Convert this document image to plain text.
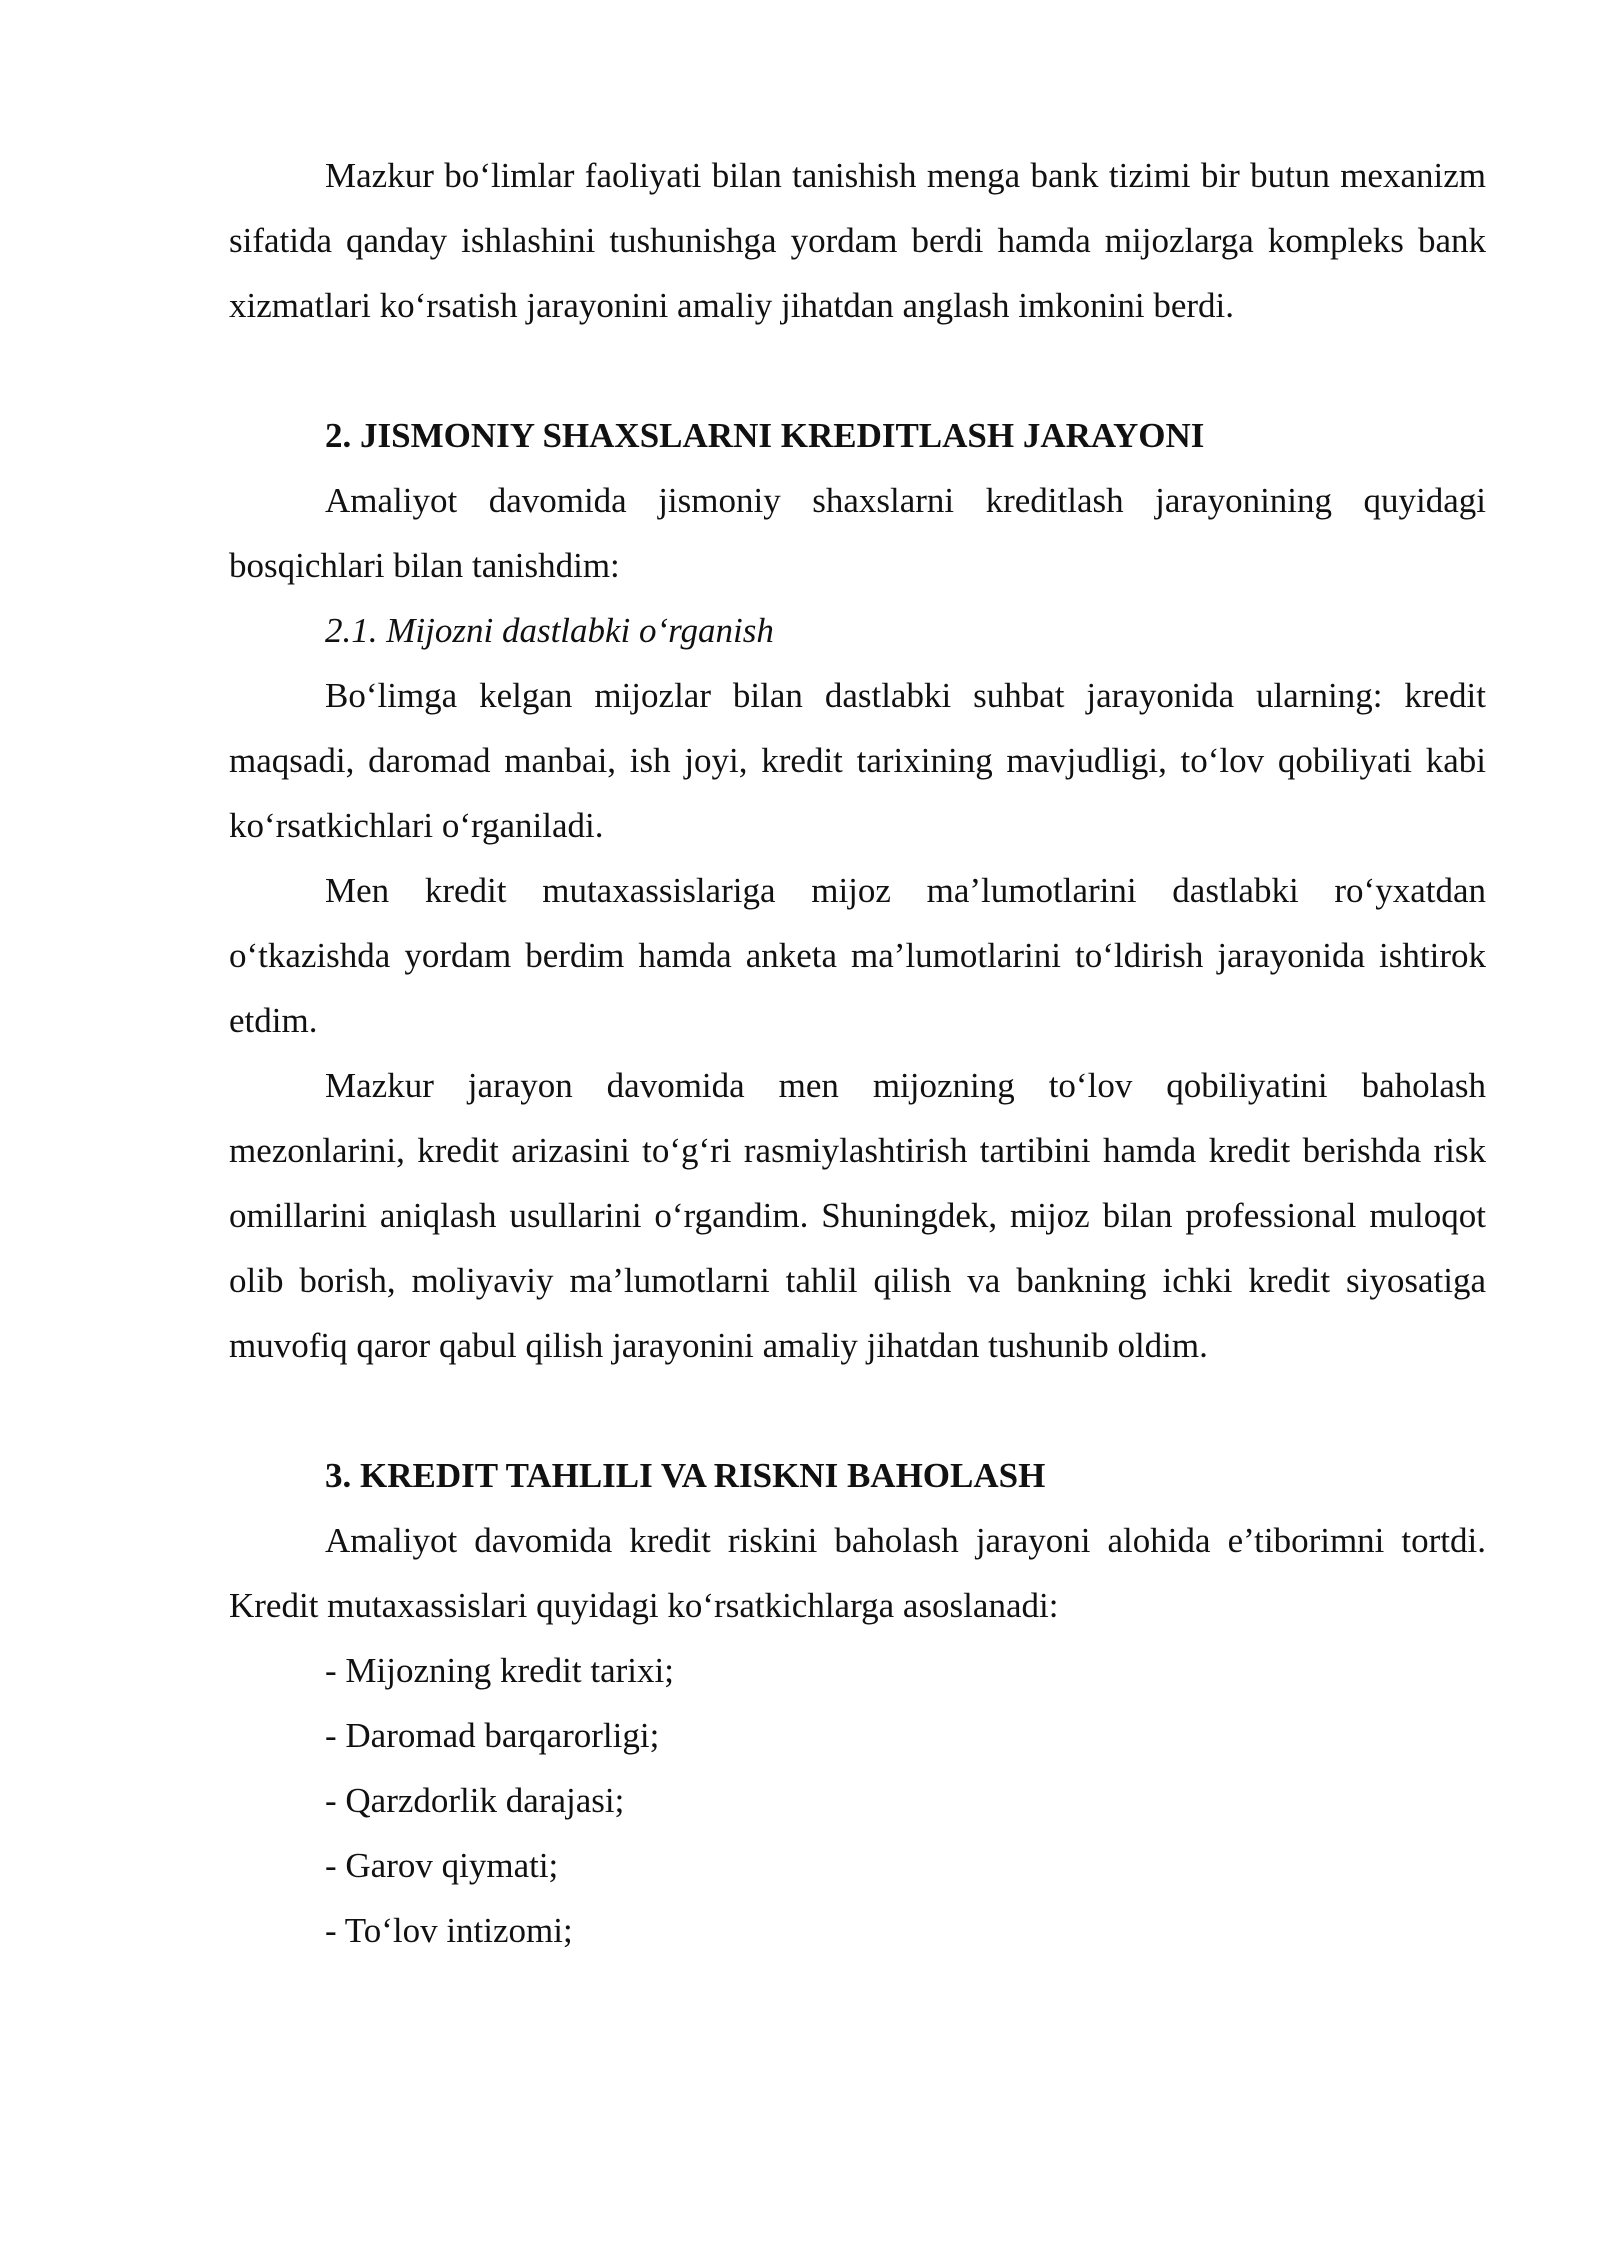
Mazkur bo‘limlar faoliyati bilan tanishish menga bank tizimi bir butun mexanizm sifatida qanday ishlashini tushunishga yordam berdi hamda mijozlarga kompleks bank xizmatlari ko‘rsatish jarayonini amaliy jihatdan anglash imkonini berdi.

2. JISMONIY SHAXSLARNI KREDITLASH JARAYONI

Amaliyot davomida jismoniy shaxslarni kreditlash jarayonining quyidagi bosqichlari bilan tanishdim:

2.1. Mijozni dastlabki o‘rganish

Bo‘limga kelgan mijozlar bilan dastlabki suhbat jarayonida ularning: kredit maqsadi, daromad manbai, ish joyi, kredit tarixining mavjudligi, to‘lov qobiliyati kabi ko‘rsatkichlari o‘rganiladi.

Men kredit mutaxassislariga mijoz ma’lumotlarini dastlabki ro‘yxatdan o‘tkazishda yordam berdim hamda anketa ma’lumotlarini to‘ldirish jarayonida ishtirok etdim.

Mazkur jarayon davomida men mijozning to‘lov qobiliyatini baholash mezonlarini, kredit arizasini to‘g‘ri rasmiylashtirish tartibini hamda kredit berishda risk omillarini aniqlash usullarini o‘rgandim. Shuningdek, mijoz bilan professional muloqot olib borish, moliyaviy ma’lumotlarni tahlil qilish va bankning ichki kredit siyosatiga muvofiq qaror qabul qilish jarayonini amaliy jihatdan tushunib oldim.

3. KREDIT TAHLILI VA RISKNI BAHOLASH

Amaliyot davomida kredit riskini baholash jarayoni alohida e’tiborimni tortdi. Kredit mutaxassislari quyidagi ko‘rsatkichlarga asoslanadi:

- Mijozning kredit tarixi;
- Daromad barqarorligi;
- Qarzdorlik darajasi;
- Garov qiymati;
- To‘lov intizomi;
